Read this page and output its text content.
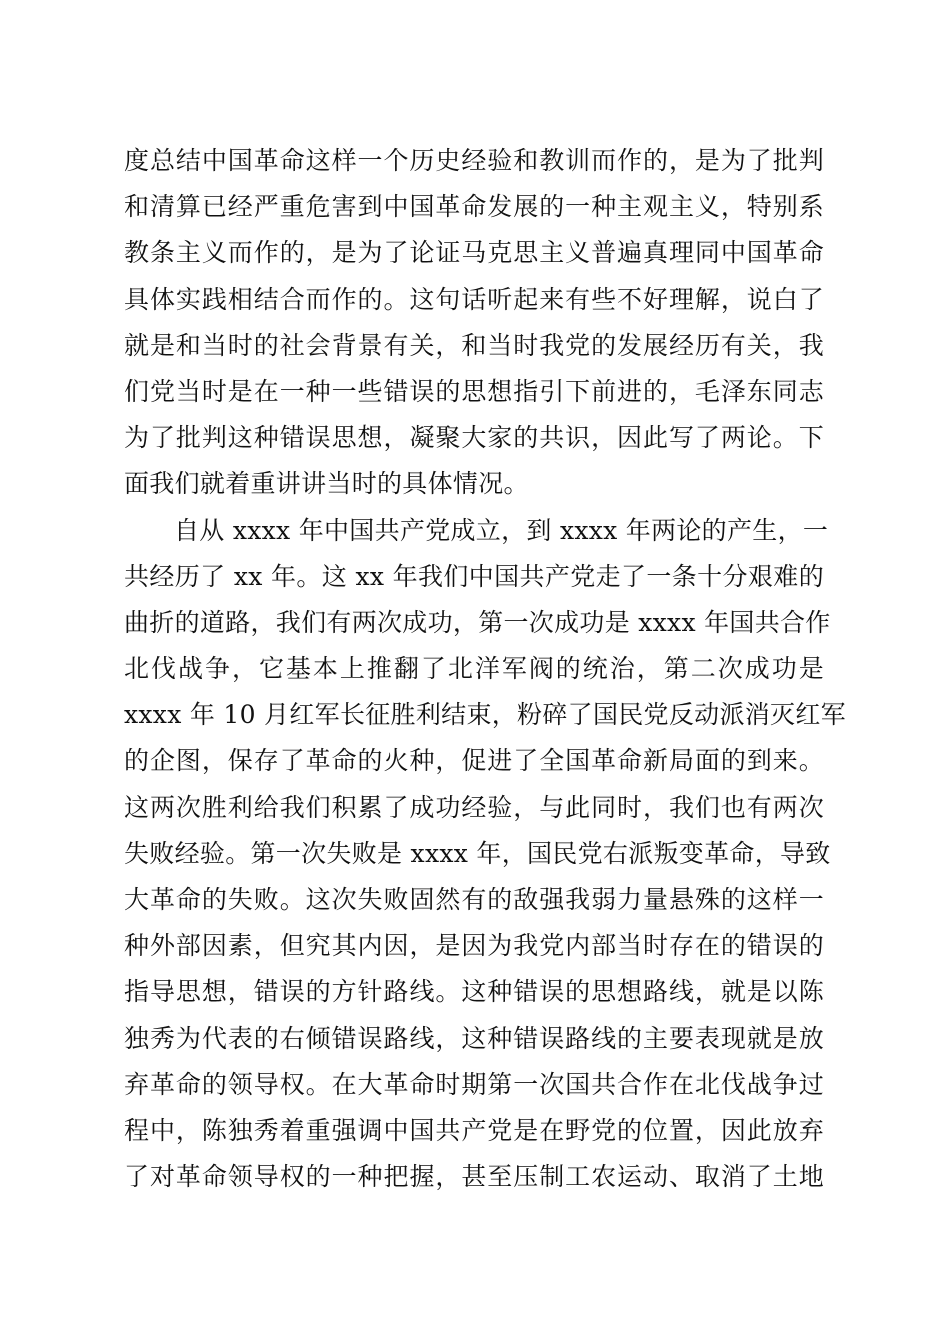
度总结中国革命这样一个历史经验和教训而作的，是为了批判
和清算已经严重危害到中国革命发展的一种主观主义，特别系
教条主义而作的，是为了论证马克思主义普遍真理同中国革命
具体实践相结合而作的。这句话听起来有些不好理解，说白了
就是和当时的社会背景有关，和当时我党的发展经历有关，我
们党当时是在一种一些错误的思想指引下前进的，毛泽东同志
为了批判这种错误思想，凝聚大家的共识，因此写了两论。下
面我们就着重讲讲当时的具体情况。
自从 xxxx 年中国共产党成立，到 xxxx 年两论的产生，一
共经历了 xx 年。这 xx 年我们中国共产党走了一条十分艰难的
曲折的道路，我们有两次成功，第一次成功是 xxxx 年国共合作
北伐战争，它基本上推翻了北洋军阀的统治，第二次成功是
xxxx 年 10 月红军长征胜利结束，粉碎了国民党反动派消灭红军
的企图，保存了革命的火种，促进了全国革命新局面的到来。
这两次胜利给我们积累了成功经验，与此同时，我们也有两次
失败经验。第一次失败是 xxxx 年，国民党右派叛变革命，导致
大革命的失败。这次失败固然有的敌强我弱力量悬殊的这样一
种外部因素，但究其内因，是因为我党内部当时存在的错误的
指导思想，错误的方针路线。这种错误的思想路线，就是以陈
独秀为代表的右倾错误路线，这种错误路线的主要表现就是放
弃革命的领导权。在大革命时期第一次国共合作在北伐战争过
程中，陈独秀着重强调中国共产党是在野党的位置，因此放弃
了对革命领导权的一种把握，甚至压制工农运动、取消了土地
